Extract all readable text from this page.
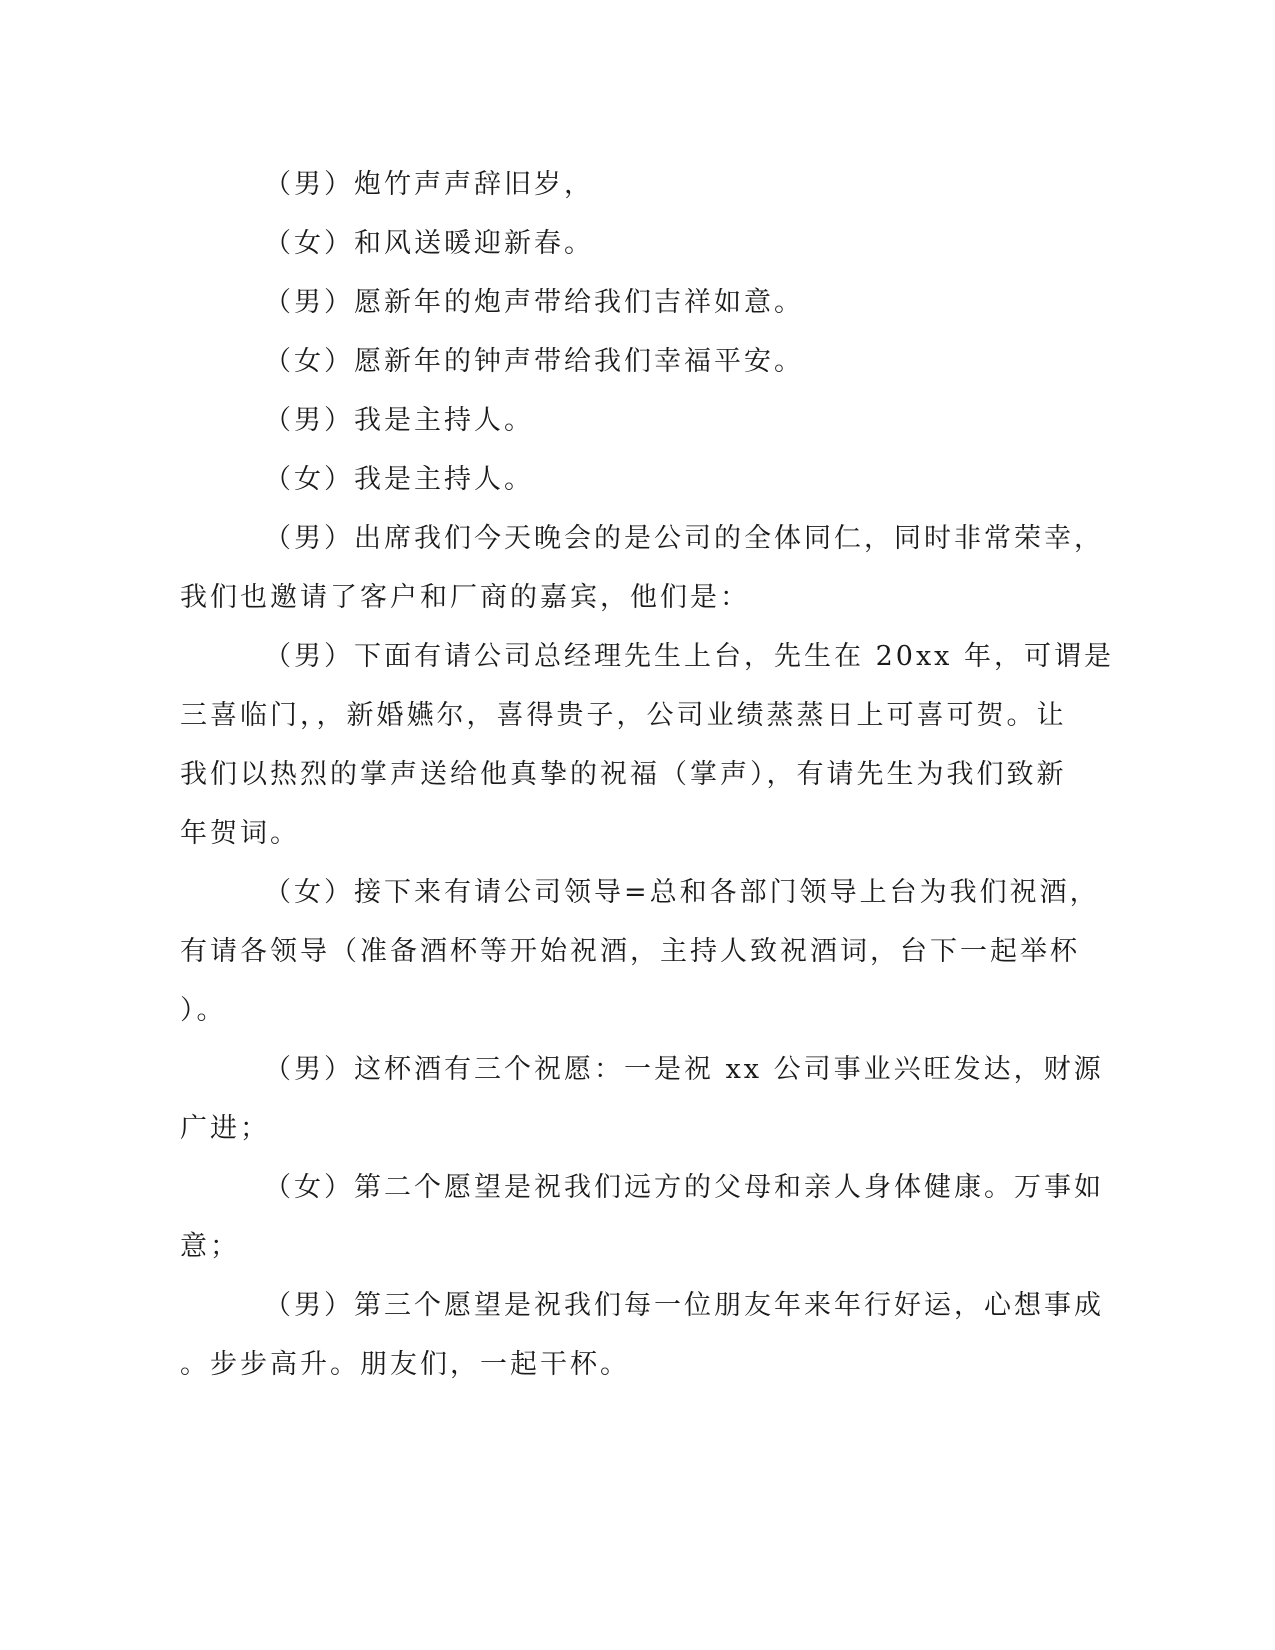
（男）炮竹声声辞旧岁，
（女）和风送暖迎新春。
（男）愿新年的炮声带给我们吉祥如意。
（女）愿新年的钟声带给我们幸福平安。
（男）我是主持人。
（女）我是主持人。
（男）出席我们今天晚会的是公司的全体同仁，同时非常荣幸，
我们也邀请了客户和厂商的嘉宾，他们是：
（男）下面有请公司总经理先生上台，先生在 20xx 年，可谓是
三喜临门，，新婚嬿尔，喜得贵子，公司业绩蒸蒸日上可喜可贺。让
我们以热烈的掌声送给他真挚的祝福（掌声），有请先生为我们致新
年贺词。
（女）接下来有请公司领导=总和各部门领导上台为我们祝酒，
有请各领导（准备酒杯等开始祝酒，主持人致祝酒词，台下一起举杯
）。
（男）这杯酒有三个祝愿：一是祝 xx 公司事业兴旺发达，财源
广进；
（女）第二个愿望是祝我们远方的父母和亲人身体健康。万事如
意；
（男）第三个愿望是祝我们每一位朋友年来年行好运，心想事成
。步步高升。朋友们，一起干杯。
